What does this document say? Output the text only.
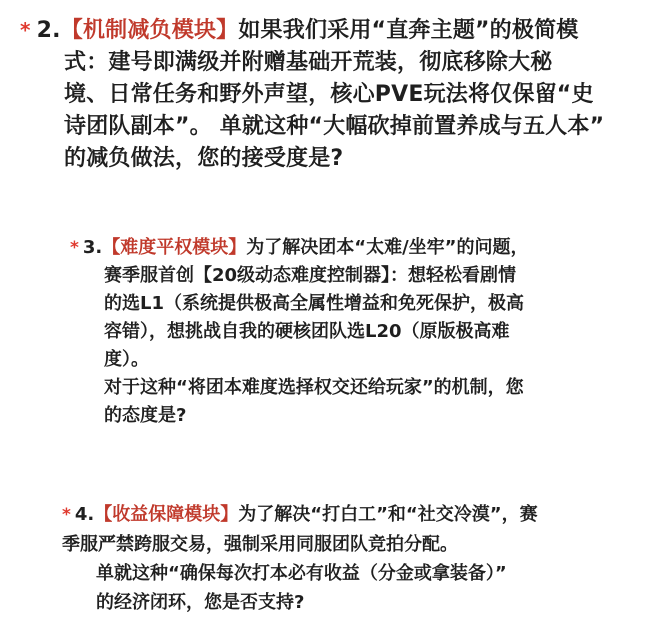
* 2.【机制减负模块】如果我们采用“直奔主题”的极简模
式：建号即满级并附赠基础开荒装，彻底移除大秘
境、日常任务和野外声望，核心PVE玩法将仅保留“史
诗团队副本”。 单就这种“大幅砍掉前置养成与五人本”
的减负做法，您的接受度是?
* 3.【难度平权模块】为了解决团本“太难/坐牢”的问题，
赛季服首创【20级动态难度控制器】：想轻松看剧情
的选L1（系统提供极高全属性增益和免死保护，极高
容错），想挑战自我的硬核团队选L20（原版极高难
度）。
对于这种“将团本难度选择权交还给玩家”的机制，您
的态度是?
* 4.【收益保障模块】为了解决“打白工”和“社交冷漠”，赛
季服严禁跨服交易，强制采用同服团队竞拍分配。
单就这种“确保每次打本必有收益（分金或拿装备）”
的经济闭环，您是否支持?
